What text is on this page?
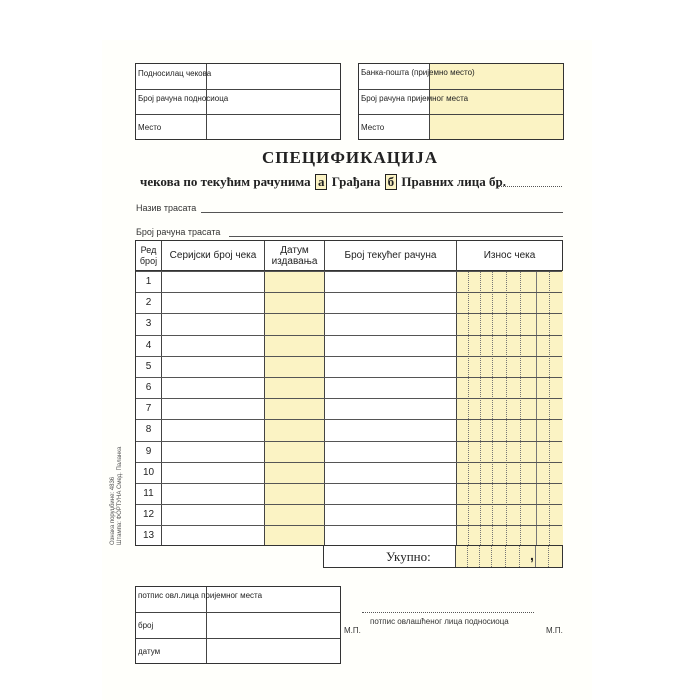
Подносилац чекова
Број рачуна подносиоца
Место
Банка-пошта (пријемно место)
Број рачуна пријемног места
Место
СПЕЦИФИКАЦИЈА
чекова по текућим рачунима а Грађана б Правних лица бр.
Назив трасата
Број рачуна трасата
Ред број	Серијски број чека	Датум издавања	Број текућег рачуна	Износ чека
1
2
3
4
5
6
7
8
9
10
11
12
13
Укупно:	,
Ознака поруџбине: 4836 Штампа: ФОРТУНА Смед. Паланка
потпис овл.лица пријемног места
број
датум
М.П.
потпис овлашћеног лица подносиоца
М.П.
